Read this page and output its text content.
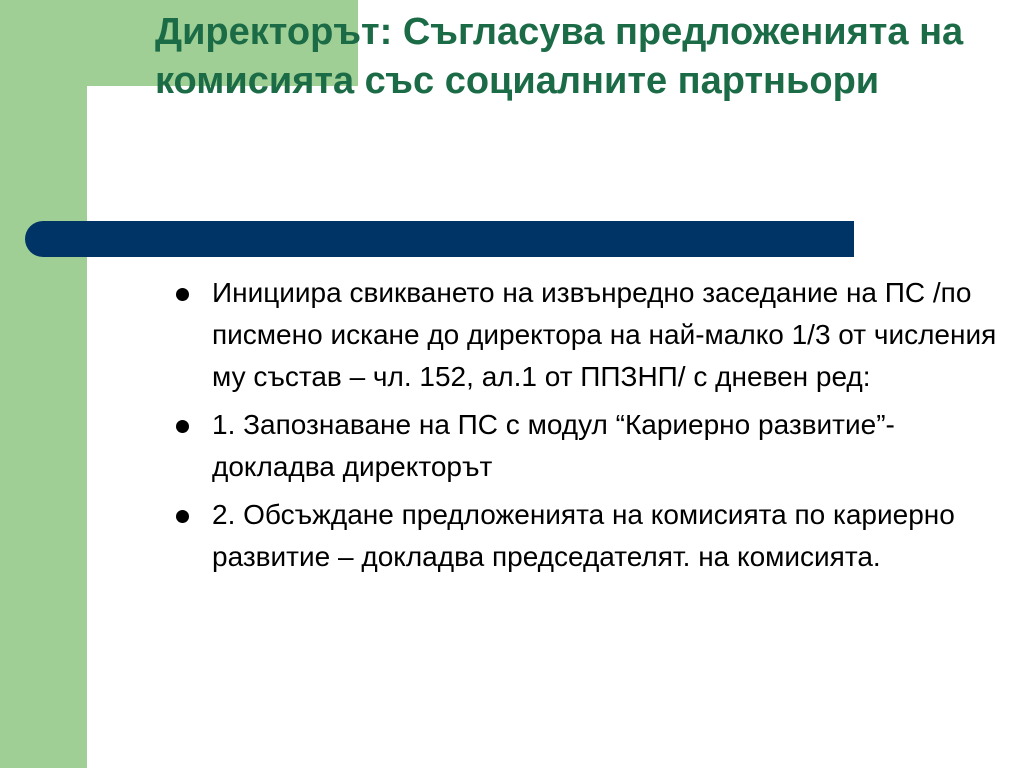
Директорът: Съгласува предложенията на комисията със социалните партньори
Инициира свикването на извънредно заседание на ПС /по писмено искане до директора на най-малко 1/3 от числения му състав – чл. 152, ал.1 от ППЗНП/ с дневен ред:
1. Запознаване на ПС с модул “Кариерно развитие”- докладва директорът
2. Обсъждане предложенията на комисията по кариерно развитие – докладва председателят. на комисията.
